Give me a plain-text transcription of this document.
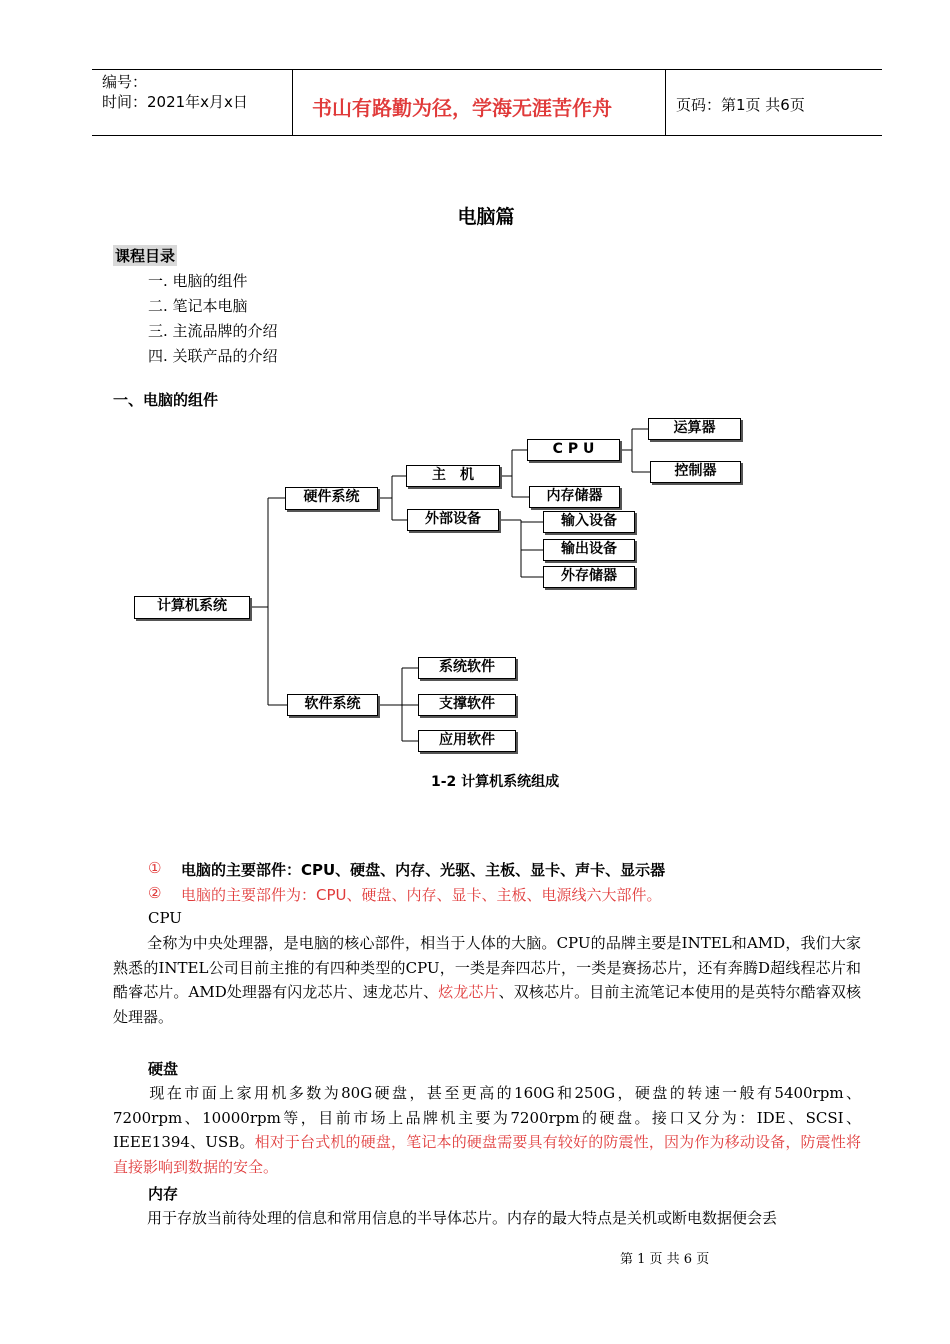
编号：
时间：2021年x月x日	书山有路勤为径，学海无涯苦作舟	页码：第1页 共6页
电脑篇
课程目录
一. 电脑的组件
二. 笔记本电脑
三. 主流品牌的介绍
四. 关联产品的介绍
一、电脑的组件
计算机系统
硬件系统
主　机
C P U
运算器
控制器
内存储器
外部设备	输入设备
输出设备
外存储器
软件系统
系统软件
支撑软件
应用软件
1-2 计算机系统组成
① 电脑的主要部件：CPU、硬盘、内存、光驱、主板、显卡、声卡、显示器
② 电脑的主要部件为：CPU、硬盘、内存、显卡、主板、电源线六大部件。
CPU
全称为中央处理器，是电脑的核心部件，相当于人体的大脑。CPU的品牌主要是INTEL和AMD，我们大家熟悉的INTEL公司目前主推的有四种类型的CPU，一类是奔四芯片，一类是赛扬芯片，还有奔腾D超线程芯片和酷睿芯片。AMD处理器有闪龙芯片、速龙芯片、炫龙芯片、双核芯片。目前主流笔记本使用的是英特尔酷睿双核处理器。
硬盘
现在市面上家用机多数为80G硬盘，甚至更高的160G和250G，硬盘的转速一般有5400rpm、7200rpm、10000rpm等，目前市场上品牌机主要为7200rpm的硬盘。接口又分为：IDE、SCSI、IEEE1394、USB。相对于台式机的硬盘，笔记本的硬盘需要具有较好的防震性，因为作为移动设备，防震性将直接影响到数据的安全。
内存
用于存放当前待处理的信息和常用信息的半导体芯片。内存的最大特点是关机或断电数据便会丢
第 1 页 共 6 页
